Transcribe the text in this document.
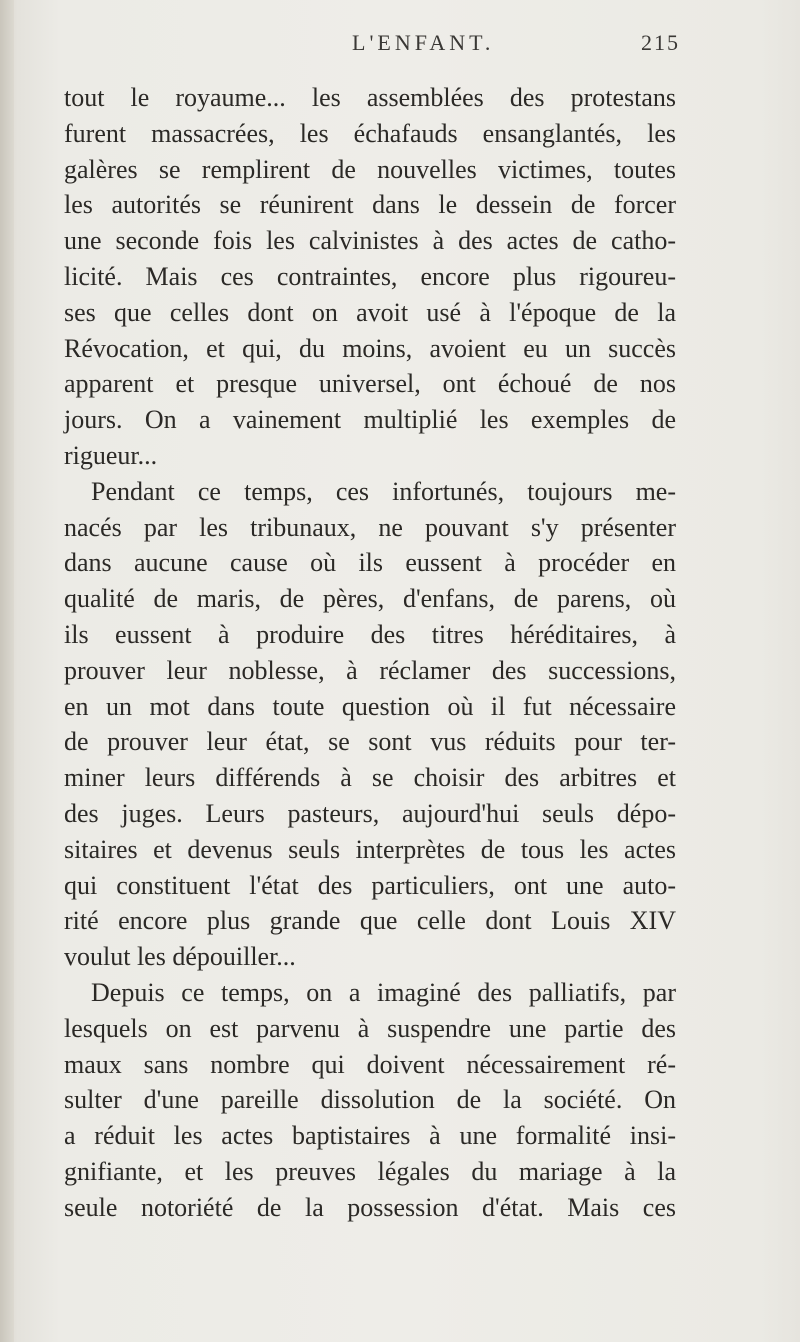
L'ENFANT.	215
tout le royaume... les assemblées des protestans
furent massacrées, les échafauds ensanglantés, les
galères se remplirent de nouvelles victimes, toutes
les autorités se réunirent dans le dessein de forcer
une seconde fois les calvinistes à des actes de catho-
licité. Mais ces contraintes, encore plus rigoureu-
ses que celles dont on avoit usé à l'époque de la
Révocation, et qui, du moins, avoient eu un succès
apparent et presque universel, ont échoué de nos
jours. On a vainement multiplié les exemples de
rigueur...
Pendant ce temps, ces infortunés, toujours me-
nacés par les tribunaux, ne pouvant s'y présenter
dans aucune cause où ils eussent à procéder en
qualité de maris, de pères, d'enfans, de parens, où
ils eussent à produire des titres héréditaires, à
prouver leur noblesse, à réclamer des successions,
en un mot dans toute question où il fut nécessaire
de prouver leur état, se sont vus réduits pour ter-
miner leurs différends à se choisir des arbitres et
des juges. Leurs pasteurs, aujourd'hui seuls dépo-
sitaires et devenus seuls interprètes de tous les actes
qui constituent l'état des particuliers, ont une auto-
rité encore plus grande que celle dont Louis XIV
voulut les dépouiller...
Depuis ce temps, on a imaginé des palliatifs, par
lesquels on est parvenu à suspendre une partie des
maux sans nombre qui doivent nécessairement ré-
sulter d'une pareille dissolution de la société. On
a réduit les actes baptistaires à une formalité insi-
gnifiante, et les preuves légales du mariage à la
seule notoriété de la possession d'état. Mais ces
